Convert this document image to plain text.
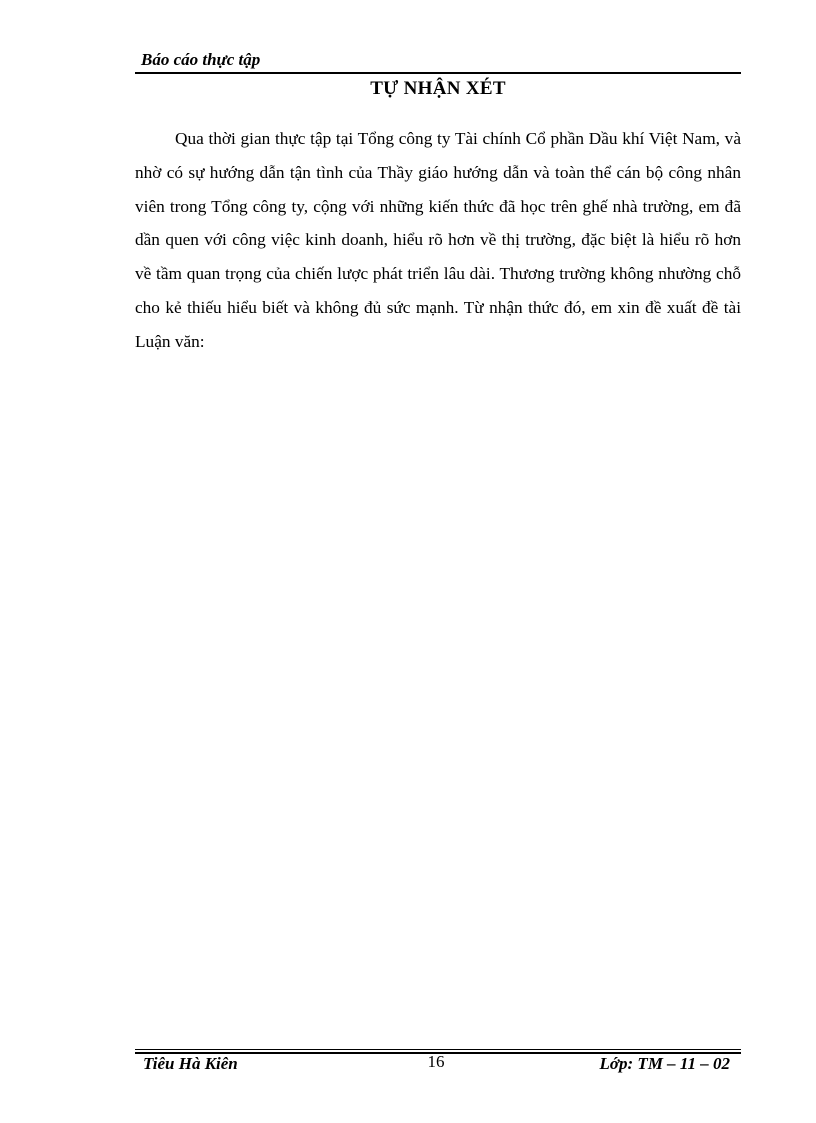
Báo cáo thực tập
TỰ NHẬN XÉT

Qua thời gian thực tập tại Tổng công ty Tài chính Cổ phần Dầu khí Việt Nam, và nhờ có sự hướng dẫn tận tình của Thầy giáo hướng dẫn và toàn thể cán bộ công nhân viên trong Tổng công ty, cộng với những kiến thức đã học trên ghế nhà trường, em đã dần quen với công việc kinh doanh, hiểu rõ hơn về thị trường, đặc biệt là hiểu rõ hơn về tầm quan trọng của chiến lược phát triển lâu dài. Thương trường không nhường chỗ cho kẻ thiếu hiểu biết và không đủ sức mạnh. Từ nhận thức đó, em xin đề xuất đề tài Luận văn:

Tiêu Hà Kiên	16	Lớp: TM – 11 – 02
